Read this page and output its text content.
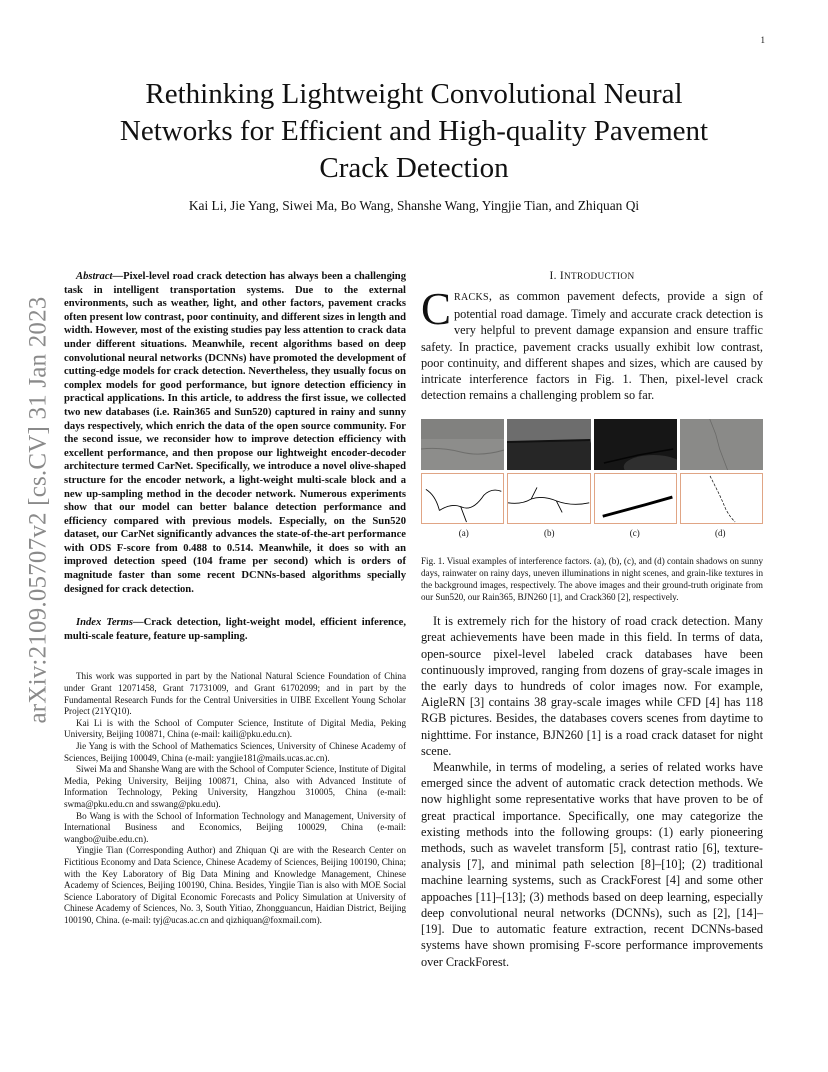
1
arXiv:2109.05707v2 [cs.CV] 31 Jan 2023
Rethinking Lightweight Convolutional Neural
Networks for Efficient and High-quality Pavement
Crack Detection
Kai Li, Jie Yang, Siwei Ma, Bo Wang, Shanshe Wang, Yingjie Tian, and Zhiquan Qi

Abstract—Pixel-level road crack detection has always been a challenging task in intelligent transportation systems. Due to the external environments, such as weather, light, and other factors, pavement cracks often present low contrast, poor continuity, and different sizes in length and width. However, most of the existing studies pay less attention to crack data under different situations. Meanwhile, recent algorithms based on deep convolutional neural networks (DCNNs) have promoted the development of cutting-edge models for crack detection. Nevertheless, they usually focus on complex models for good performance, but ignore detection efficiency in practical applications. In this article, to address the first issue, we collected two new databases (i.e. Rain365 and Sun520) captured in rainy and sunny days respectively, which enrich the data of the open source community. For the second issue, we reconsider how to improve detection efficiency with excellent performance, and then propose our lightweight encoder-decoder architecture termed CarNet. Specifically, we introduce a novel olive-shaped structure for the encoder network, a light-weight multi-scale block and a new up-sampling method in the decoder network. Numerous experiments show that our model can better balance detection performance and efficiency compared with previous models. Especially, on the Sun520 dataset, our CarNet significantly advances the state-of-the-art performance with ODS F-score from 0.488 to 0.514. Meanwhile, it does so with an improved detection speed (104 frame per second) which is orders of magnitude faster than some recent DCNNs-based algorithms specially designed for crack detection.

Index Terms—Crack detection, light-weight model, efficient inference, multi-scale feature, feature up-sampling.

This work was supported in part by the National Natural Science Foundation of China under Grant 12071458, Grant 71731009, and Grant 61702099; and in part by the Fundamental Research Funds for the Central Universities in UIBE Excellent Young Scholar Project (21YQ10).

Kai Li is with the School of Computer Science, Institute of Digital Media, Peking University, Beijing 100871, China (e-mail: kaili@pku.edu.cn).

Jie Yang is with the School of Mathematics Sciences, University of Chinese Academy of Sciences, Beijing 100049, China (e-mail: yangjie181@mails.ucas.ac.cn).

Siwei Ma and Shanshe Wang are with the School of Computer Science, Institute of Digital Media, Peking University, Beijing 100871, China, also with Advanced Institute of Information Technology, Peking University, Hangzhou 310005, China (e-mail: swma@pku.edu.cn and sswang@pku.edu).

Bo Wang is with the School of Information Technology and Management, University of International Business and Economics, Beijing 100029, China (e-mail: wangbo@uibe.edu.cn).

Yingjie Tian (Corresponding Author) and Zhiquan Qi are with the Research Center on Fictitious Economy and Data Science, Chinese Academy of Sciences, Beijing 100190, China; with the Key Laboratory of Big Data Mining and Knowledge Management, Chinese Academy of Sciences, Beijing 100190, China. Besides, Yingjie Tian is also with MOE Social Science Laboratory of Digital Economic Forecasts and Policy Simulation at University of Chinese Academy of Sciences, No. 3, South Yitiao, Zhongguancun, Haidian District, Beijing 100190, China. (e-mail: tyj@ucas.ac.cn and qizhiquan@foxmail.com).

I. INTRODUCTION

CRACKS, as common pavement defects, provide a sign of potential road damage. Timely and accurate crack detection is very helpful to prevent damage expansion and ensure traffic safety. In practice, pavement cracks usually exhibit low contrast, poor continuity, and different shapes and sizes, which are caused by intricate interference factors in Fig. 1. Then, pixel-level crack detection remains a challenging problem so far.

(a)	(b)	(c)	(d)

Fig. 1. Visual examples of interference factors. (a), (b), (c), and (d) contain shadows on sunny days, rainwater on rainy days, uneven illuminations in night scenes, and grain-like textures in the background images, respectively. The above images and their ground-truth originate from our Sun520, our Rain365, BJN260 [1], and Crack360 [2], respectively.

It is extremely rich for the history of road crack detection. Many great achievements have been made in this field. In terms of data, open-source pixel-level labeled crack databases have been continuously improved, ranging from dozens of gray-scale images in the early days to hundreds of color images now. For example, AigleRN [3] contains 38 gray-scale images while CFD [4] has 118 RGB pictures. Besides, the databases covers scenes from daytime to nighttime. For instance, BJN260 [1] is a road crack dataset for night scene.

Meanwhile, in terms of modeling, a series of related works have emerged since the advent of automatic crack detection methods. We now highlight some representative works that have proven to be of great practical importance. Specifically, one may categorize the existing methods into the following groups: (1) early pioneering methods, such as wavelet transform [5], contrast ratio [6], texture-analysis [7], and minimal path selection [8]–[10]; (2) traditional machine learning systems, such as CrackForest [4] and some other appoaches [11]–[13]; (3) methods based on deep learning, especially deep convolutional neural networks (DCNNs), such as [2], [14]–[19]. Due to automatic feature extraction, recent DCNNs-based systems have shown promising F-score performance improvements over CrackForest.
